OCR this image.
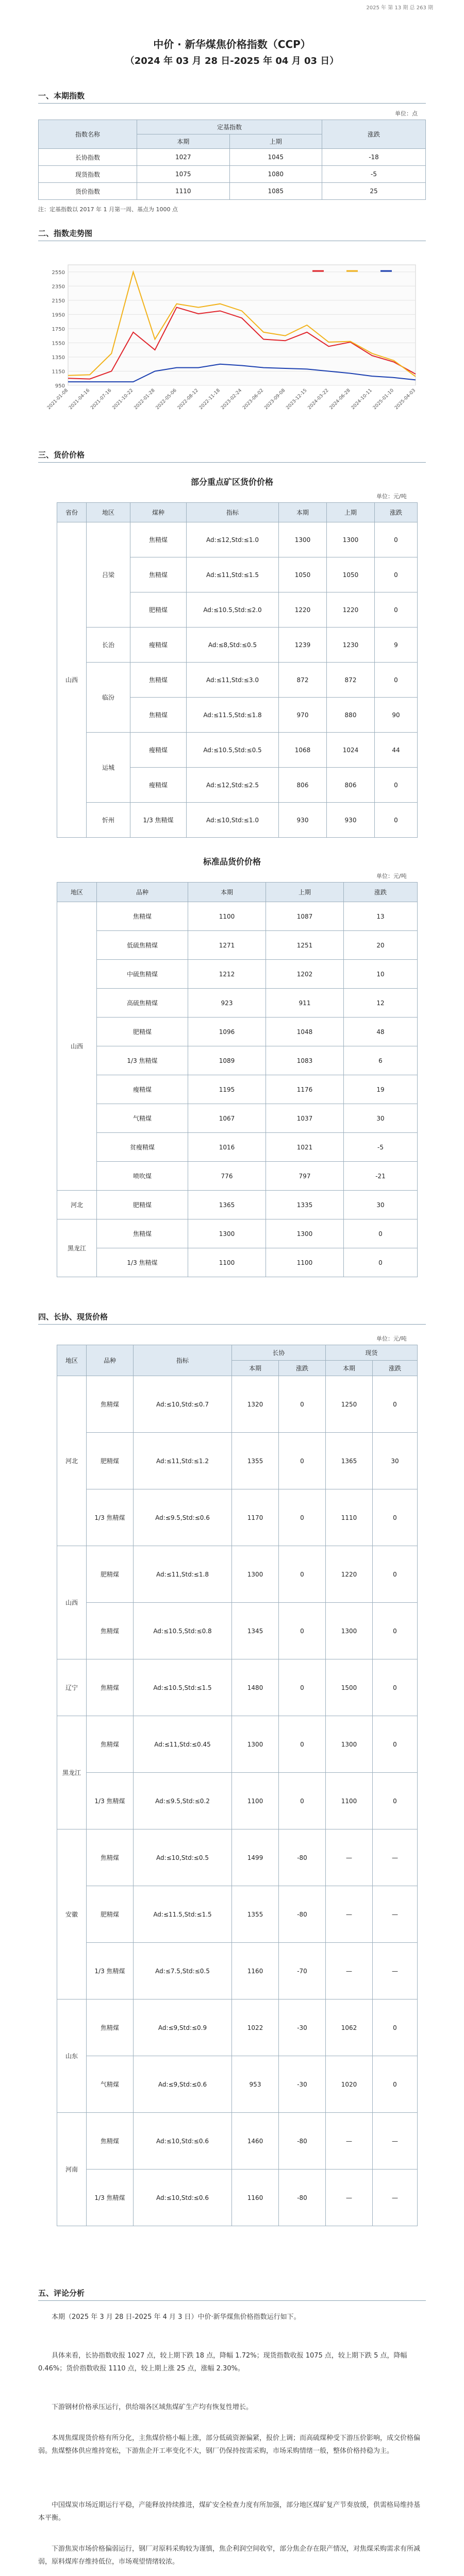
2025 年 第 13 期 总 263 期
中价 · 新华煤焦价格指数（CCP）
（2024 年 03 月 28 日-2025 年 04 月 03 日）
一、本期指数
单位：点
指数名称	定基指数		涨跌
	本期	上期	
长协指数	1027	1045	-18
现货指数	1075	1080	-5
货价指数	1110	1085	25
注：定基指数以 2017 年 1 月第一周、基点为 1000 点
二、指数走势图
950
1150
1350
1550
1750
1950
2150
2350
2550
2021-01-08
2021-04-16
2021-07-16
2021-10-22
2022-01-28
2022-05-06
2022-08-12
2022-11-18
2023-02-24
2023-06-02
2023-09-08
2023-12-15
2024-03-22
2024-06-28
2024-10-11
2025-01-10
2025-04-03
三、货价价格
部分重点矿区货价价格
单位：元/吨
省份	地区	煤种	指标	本期	上期	涨跌
山西	吕梁	焦精煤	Ad:≤12,Std:≤1.0	1300	1300	0
		焦精煤	Ad:≤11,Std:≤1.5	1050	1050	0
		肥精煤	Ad:≤10.5,Std:≤2.0	1220	1220	0
	长治	瘦精煤	Ad:≤8,Std:≤0.5	1239	1230	9
	临汾	焦精煤	Ad:≤11,Std:≤3.0	872	872	0
		焦精煤	Ad:≤11.5,Std:≤1.8	970	880	90
	运城	瘦精煤	Ad:≤10.5,Std:≤0.5	1068	1024	44
		瘦精煤	Ad:≤12,Std:≤2.5	806	806	0
	忻州	1/3 焦精煤	Ad:≤10,Std:≤1.0	930	930	0
标准品货价价格
单位：元/吨
地区	品种	本期	上期	涨跌
山西	焦精煤	1100	1087	13
	低硫焦精煤	1271	1251	20
	中硫焦精煤	1212	1202	10
	高硫焦精煤	923	911	12
	肥精煤	1096	1048	48
	1/3 焦精煤	1089	1083	6
	瘦精煤	1195	1176	19
	气精煤	1067	1037	30
	贫瘦精煤	1016	1021	-5
	喷吹煤	776	797	-21
河北	肥精煤	1365	1335	30
黑龙江	焦精煤	1300	1300	0
	1/3 焦精煤	1100	1100	0
四、长协、现货价格
单位：元/吨
地区	品种	指标	长协		现货	
			本期	涨跌	本期	涨跌
河北	焦精煤	Ad:≤10,Std:≤0.7	1320	0	1250	0
	肥精煤	Ad:≤11,Std:≤1.2	1355	0	1365	30
	1/3 焦精煤	Ad:≤9.5,Std:≤0.6	1170	0	1110	0
山西	肥精煤	Ad:≤11,Std:≤1.8	1300	0	1220	0
	焦精煤	Ad:≤10.5,Std:≤0.8	1345	0	1300	0
辽宁	焦精煤	Ad:≤10.5,Std:≤1.5	1480	0	1500	0
黑龙江	焦精煤	Ad:≤11,Std:≤0.45	1300	0	1300	0
	1/3 焦精煤	Ad:≤9.5,Std:≤0.2	1100	0	1100	0
安徽	焦精煤	Ad:≤10,Std:≤0.5	1499	-80	—	—
	肥精煤	Ad:≤11.5,Std:≤1.5	1355	-80	—	—
	1/3 焦精煤	Ad:≤7.5,Std:≤0.5	1160	-70	—	—
山东	焦精煤	Ad:≤9,Std:≤0.9	1022	-30	1062	0
	气精煤	Ad:≤9,Std:≤0.6	953	-30	1020	0
河南	焦精煤	Ad:≤10,Std:≤0.6	1460	-80	—	—
	1/3 焦精煤	Ad:≤10,Std:≤0.6	1160	-80	—	—
五、评论分析

本期（2025 年 3 月 28 日-2025 年 4 月 3 日）中价·新华煤焦价格指数运行如下。

具体来看，长协指数收报 1027 点，较上期下跌 18 点，降幅 1.72%；现货指数收报 1075 点，较上期下跌 5 点，降幅 0.46%；货价指数收报 1110 点，较上期上涨 25 点，涨幅 2.30%。

下游钢材价格承压运行，供给端各区域焦煤矿生产均有恢复性增长。

本周焦煤现货价格有所分化，主焦煤价格小幅上涨，部分低硫资源偏紧，报价上调；而高硫煤种受下游压价影响，成交价格偏弱。焦煤整体供应维持宽松，下游焦企开工率变化不大，钢厂仍保持按需采购，市场采购情绪一般，整体价格持稳为主。

中国煤炭市场近期运行平稳，产能释放持续推进，煤矿安全检查力度有所加强，部分地区煤矿复产节奏放缓，供需格局维持基本平衡。

下游焦炭市场价格偏弱运行，钢厂对原料采购较为谨慎，焦企利润空间收窄，部分焦企存在限产情况，对焦煤采购需求有所减弱，原料煤库存维持低位，市场观望情绪较浓。
